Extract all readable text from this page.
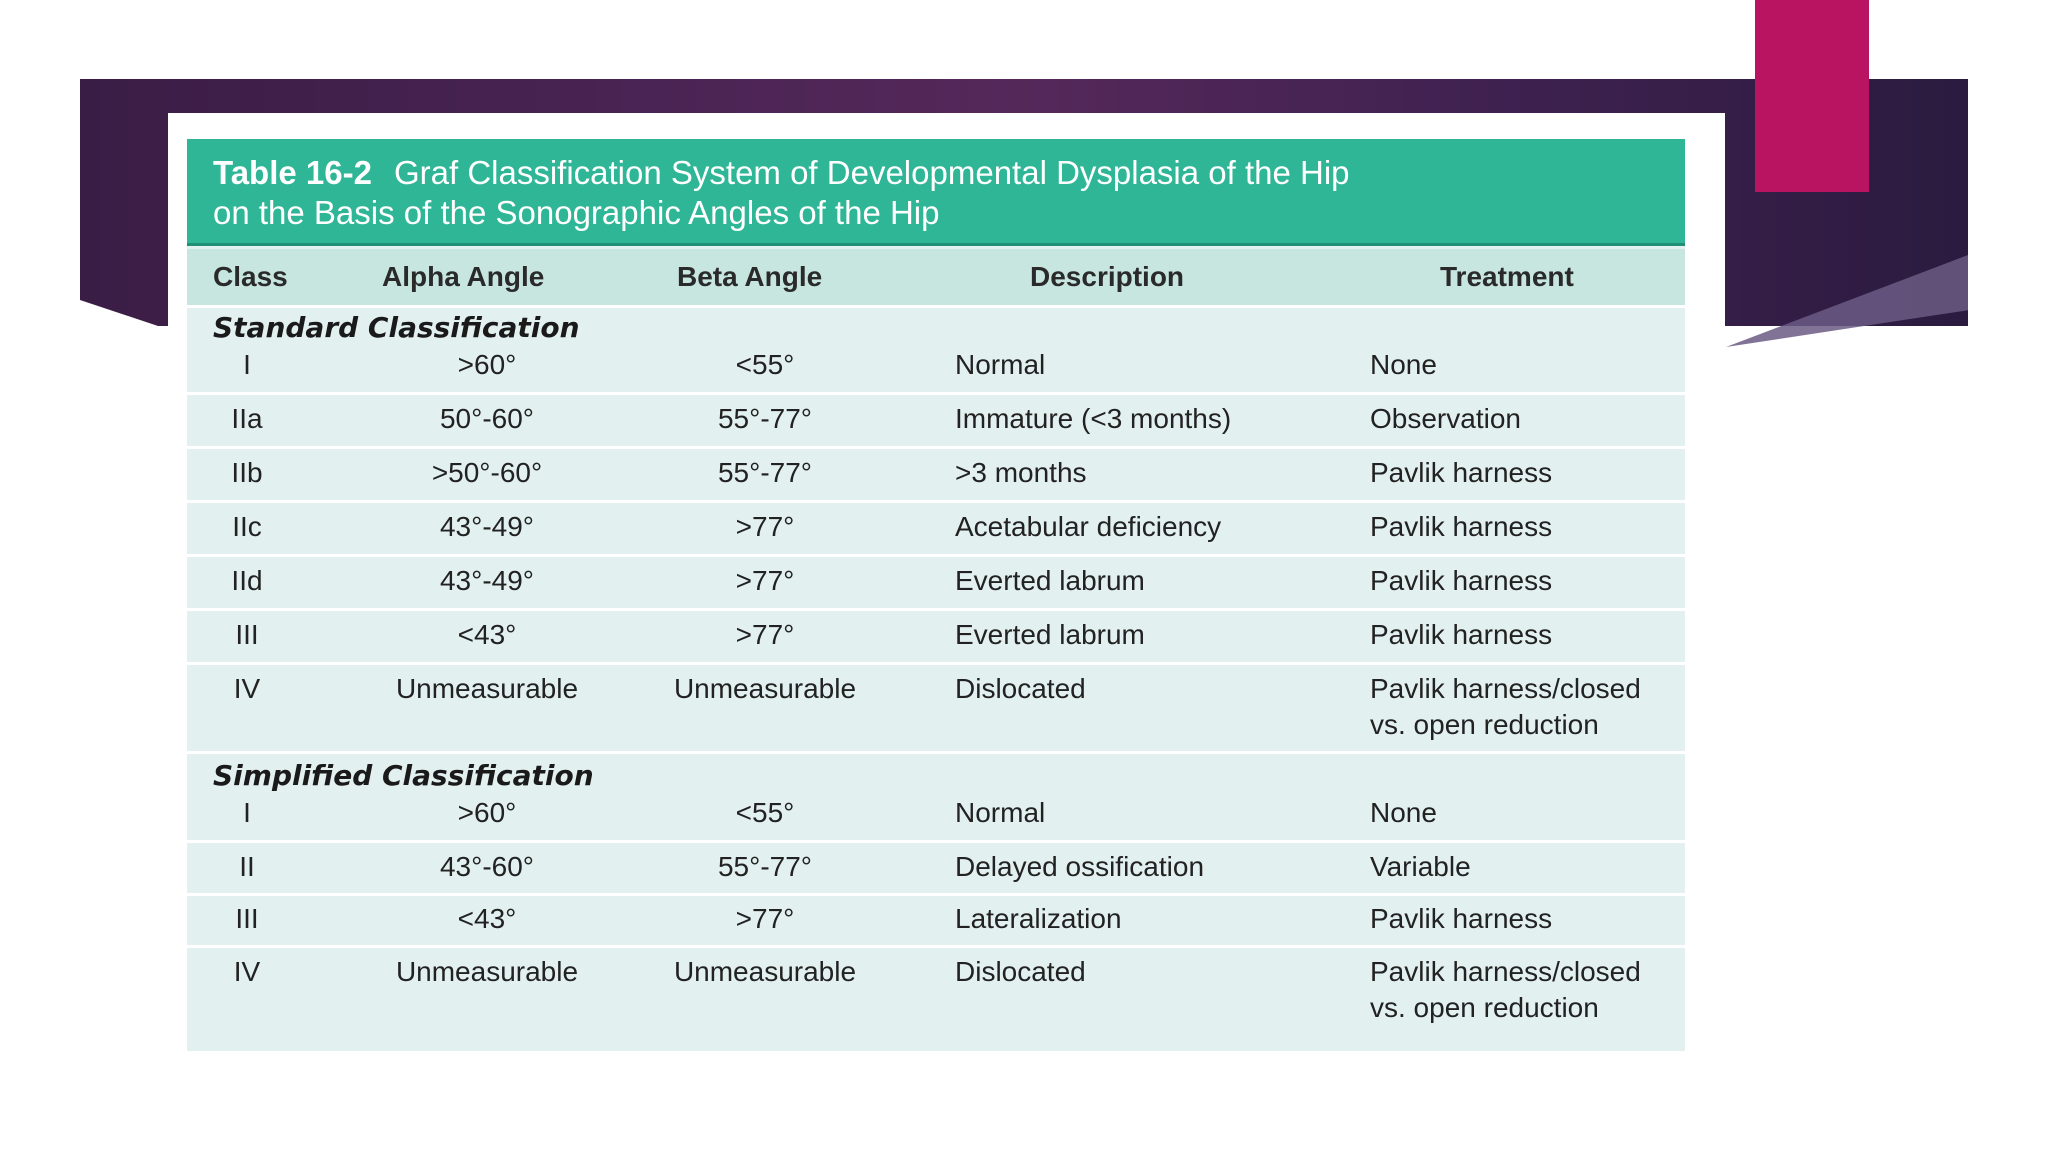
Table 16-2 Graf Classification System of Developmental Dysplasia of the Hip
on the Basis of the Sonographic Angles of the Hip
Class	Alpha Angle	Beta Angle	Description	Treatment
Standard Classification
I	>60°	<55°	Normal	None
IIa	50°-60°	55°-77°	Immature (<3 months)	Observation
IIb	>50°-60°	55°-77°	>3 months	Pavlik harness
IIc	43°-49°	>77°	Acetabular deficiency	Pavlik harness
IId	43°-49°	>77°	Everted labrum	Pavlik harness
III	<43°	>77°	Everted labrum	Pavlik harness
IV	Unmeasurable	Unmeasurable	Dislocated	Pavlik harness/closed
vs. open reduction
Simplified Classification
I	>60°	<55°	Normal	None
II	43°-60°	55°-77°	Delayed ossification	Variable
III	<43°	>77°	Lateralization	Pavlik harness
IV	Unmeasurable	Unmeasurable	Dislocated	Pavlik harness/closed
vs. open reduction
